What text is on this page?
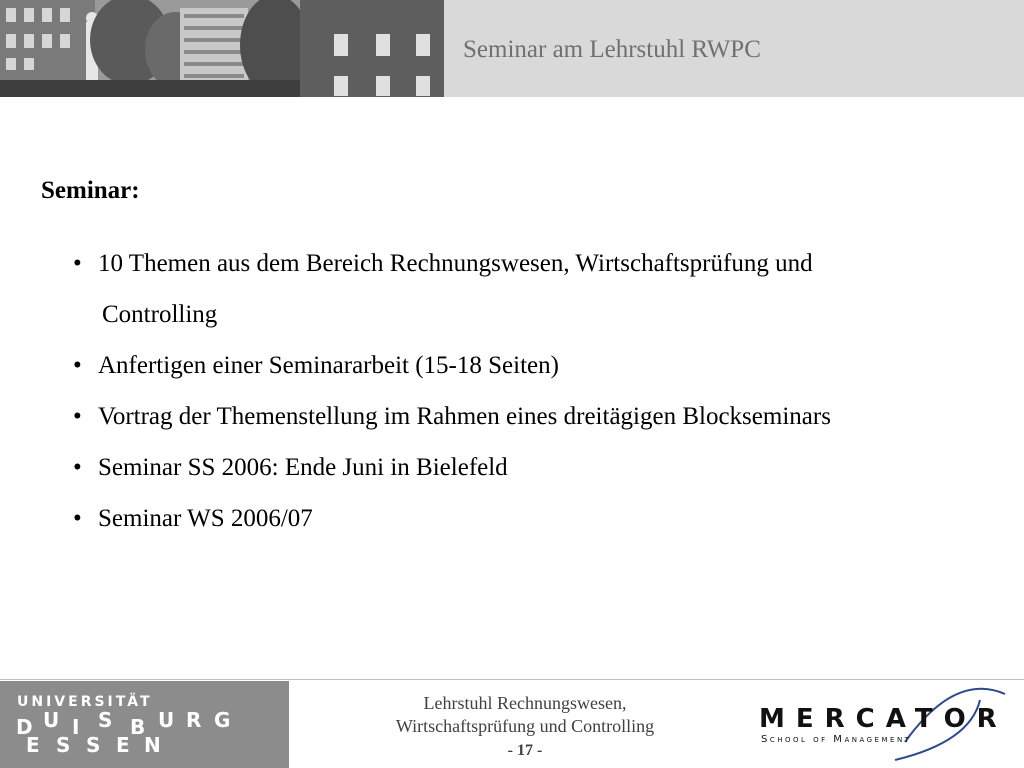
Seminar am Lehrstuhl RWPC
Seminar:
• 10 Themen aus dem Bereich Rechnungswesen, Wirtschaftsprüfung und
Controlling
• Anfertigen einer Seminararbeit (15-18 Seiten)
• Vortrag der Themenstellung im Rahmen eines dreitägigen Blockseminars
• Seminar SS 2006: Ende Juni in Bielefeld
• Seminar WS 2006/07
UNIVERSITÄT
D U I S B U R G
E S S E N
Lehrstuhl Rechnungswesen,
Wirtschaftsprüfung und Controlling
- 17 -
MERCATOR
School of Management
